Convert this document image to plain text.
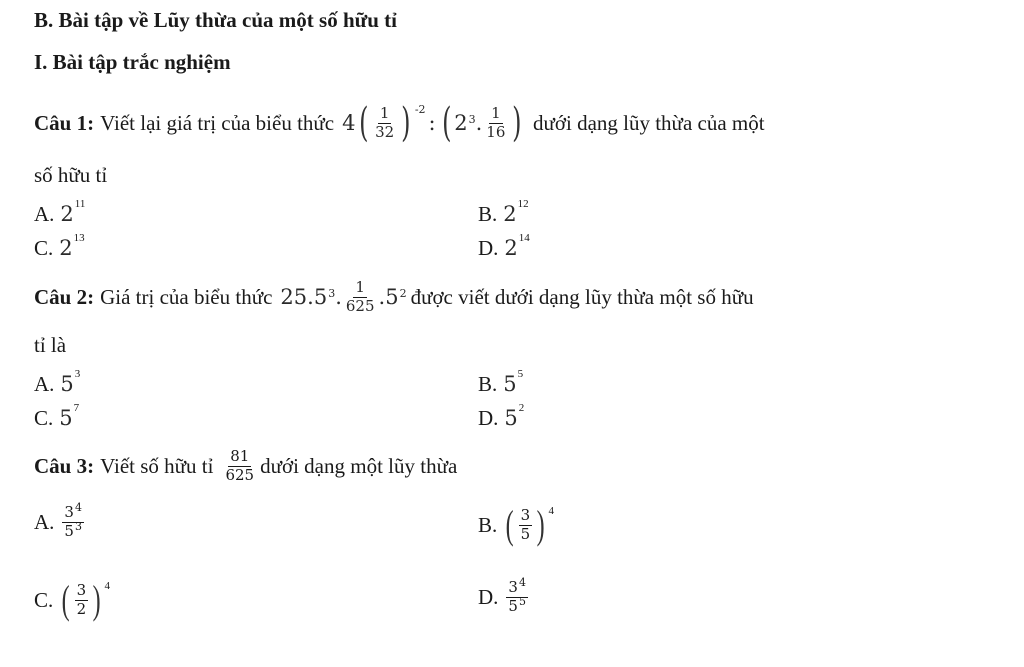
B. Bài tập về Lũy thừa của một số hữu tỉ
I. Bài tập trắc nghiệm
Câu 1: Viết lại giá trị của biểu thức 4 ( $\frac{1}{32}$ ) -2
: ( 2 3 . $\frac{1}{16}$ ) dưới dạng lũy thừa của một
số hữu tỉ
A. $2^{11}$	B. $2^{12}$
C. $2^{13}$	D. $2^{14}$
Câu 2: Giá trị của biểu thức 25.5 3 . $\frac{1}{625} .5$ 2 được viết dưới dạng lũy thừa một số hữu
tỉ là
A. $5^3$	B. $5^5$
C. $5^7$	D. $5^2$
Câu 3: Viết số hữu tỉ $\frac{81}{625}$ dưới dạng một lũy thừa
A. $\frac{3^4}{5^3}$	B. ( $\frac{3}{5}$ ) 4
C. ( $\frac{3}{2}$ ) 4	D. $\frac{3^4}{5^5}$
